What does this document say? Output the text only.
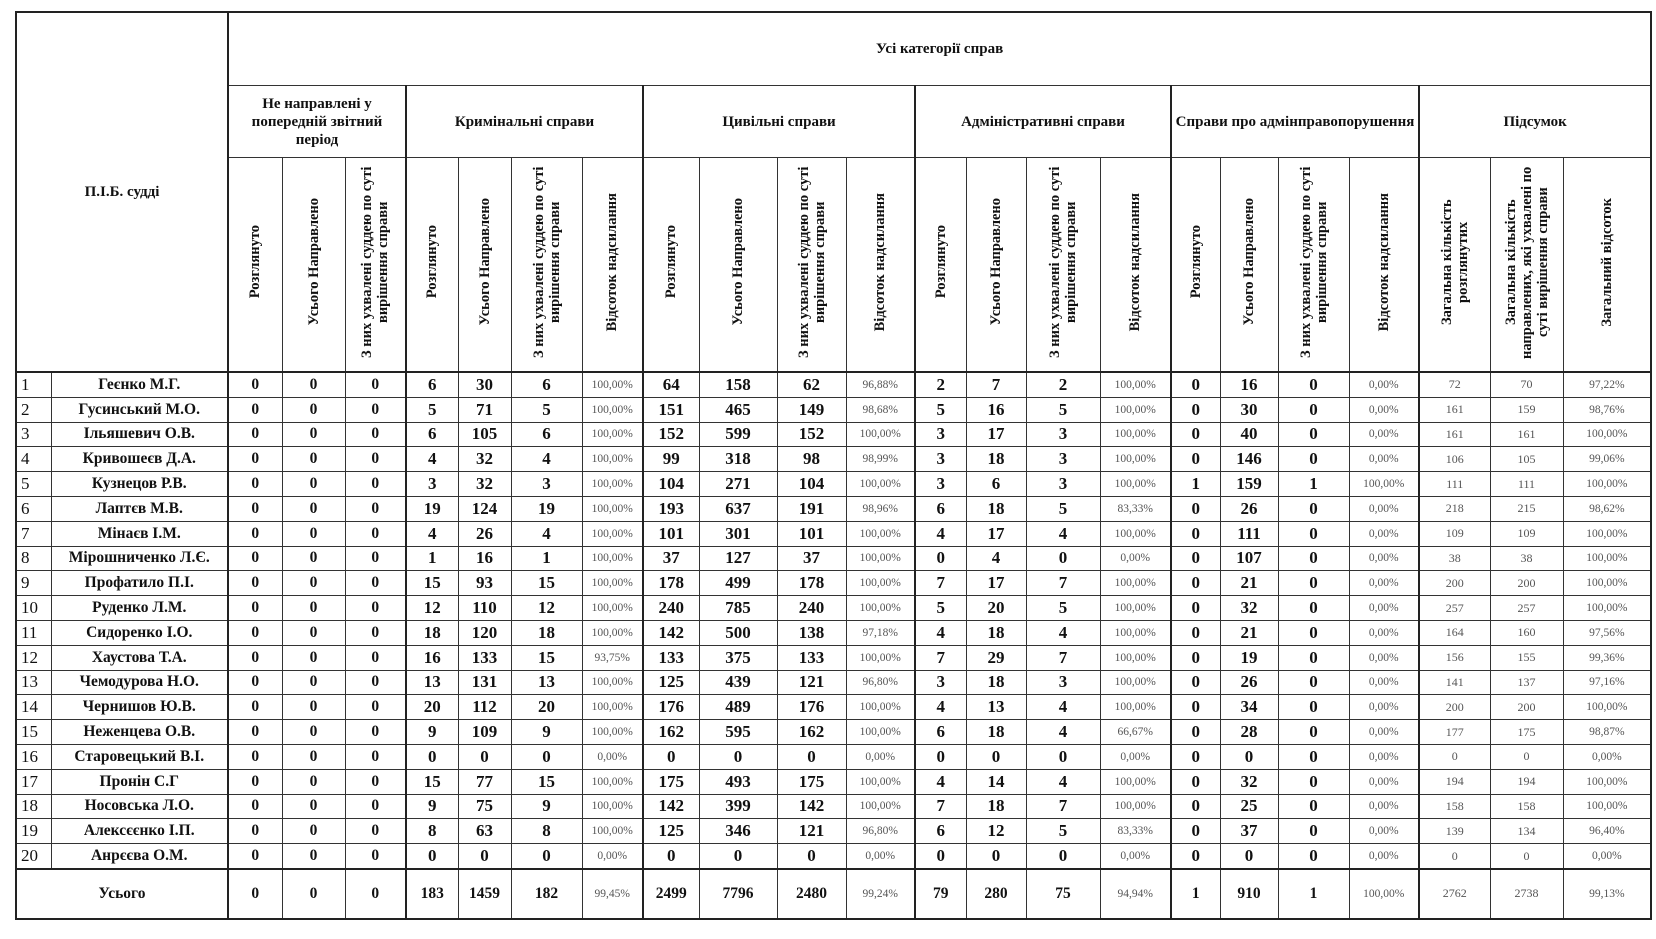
П.І.Б. судді		Усі категорії справ																					
		Не направлені у попередній звітний період			Кримінальні справи				Цивільні справи				Адміністративні справи				Справи про адмінправопорушення				Підсумок		
		Розглянуто	Усього Направлено	З них ухвалені суддею по суті вирішення справи	Розглянуто	Усього Направлено	З них ухвалені суддею по суті вирішення справи	Відсоток надсилання	Розглянуто	Усього Направлено	З них ухвалені суддею по суті вирішення справи	Відсоток надсилання	Розглянуто	Усього Направлено	З них ухвалені суддею по суті вирішення справи	Відсоток надсилання	Розглянуто	Усього Направлено	З них ухвалені суддею по суті вирішення справи	Відсоток надсилання	Загальна кількість розглянутих	Загальна кількість направлених, які ухвалені по суті вирішення справи	Загальний відсоток
1	Геєнко М.Г.	0	0	0	6	30	6	100,00%	64	158	62	96,88%	2	7	2	100,00%	0	16	0	0,00%	72	70	97,22%
2	Гусинський М.О.	0	0	0	5	71	5	100,00%	151	465	149	98,68%	5	16	5	100,00%	0	30	0	0,00%	161	159	98,76%
3	Ільяшевич О.В.	0	0	0	6	105	6	100,00%	152	599	152	100,00%	3	17	3	100,00%	0	40	0	0,00%	161	161	100,00%
4	Кривошеєв Д.А.	0	0	0	4	32	4	100,00%	99	318	98	98,99%	3	18	3	100,00%	0	146	0	0,00%	106	105	99,06%
5	Кузнецов Р.В.	0	0	0	3	32	3	100,00%	104	271	104	100,00%	3	6	3	100,00%	1	159	1	100,00%	111	111	100,00%
6	Лаптєв М.В.	0	0	0	19	124	19	100,00%	193	637	191	98,96%	6	18	5	83,33%	0	26	0	0,00%	218	215	98,62%
7	Мінаєв І.М.	0	0	0	4	26	4	100,00%	101	301	101	100,00%	4	17	4	100,00%	0	111	0	0,00%	109	109	100,00%
8	Мірошниченко Л.Є.	0	0	0	1	16	1	100,00%	37	127	37	100,00%	0	4	0	0,00%	0	107	0	0,00%	38	38	100,00%
9	Профатило П.І.	0	0	0	15	93	15	100,00%	178	499	178	100,00%	7	17	7	100,00%	0	21	0	0,00%	200	200	100,00%
10	Руденко Л.М.	0	0	0	12	110	12	100,00%	240	785	240	100,00%	5	20	5	100,00%	0	32	0	0,00%	257	257	100,00%
11	Сидоренко І.О.	0	0	0	18	120	18	100,00%	142	500	138	97,18%	4	18	4	100,00%	0	21	0	0,00%	164	160	97,56%
12	Хаустова Т.А.	0	0	0	16	133	15	93,75%	133	375	133	100,00%	7	29	7	100,00%	0	19	0	0,00%	156	155	99,36%
13	Чемодурова Н.О.	0	0	0	13	131	13	100,00%	125	439	121	96,80%	3	18	3	100,00%	0	26	0	0,00%	141	137	97,16%
14	Чернишов Ю.В.	0	0	0	20	112	20	100,00%	176	489	176	100,00%	4	13	4	100,00%	0	34	0	0,00%	200	200	100,00%
15	Неженцева О.В.	0	0	0	9	109	9	100,00%	162	595	162	100,00%	6	18	4	66,67%	0	28	0	0,00%	177	175	98,87%
16	Старовецький В.І.	0	0	0	0	0	0	0,00%	0	0	0	0,00%	0	0	0	0,00%	0	0	0	0,00%	0	0	0,00%
17	Пронін С.Г	0	0	0	15	77	15	100,00%	175	493	175	100,00%	4	14	4	100,00%	0	32	0	0,00%	194	194	100,00%
18	Носовська Л.О.	0	0	0	9	75	9	100,00%	142	399	142	100,00%	7	18	7	100,00%	0	25	0	0,00%	158	158	100,00%
19	Алексєєнко І.П.	0	0	0	8	63	8	100,00%	125	346	121	96,80%	6	12	5	83,33%	0	37	0	0,00%	139	134	96,40%
20	Анрєєва О.М.	0	0	0	0	0	0	0,00%	0	0	0	0,00%	0	0	0	0,00%	0	0	0	0,00%	0	0	0,00%
Усього		0	0	0	183	1459	182	99,45%	2499	7796	2480	99,24%	79	280	75	94,94%	1	910	1	100,00%	2762	2738	99,13%
